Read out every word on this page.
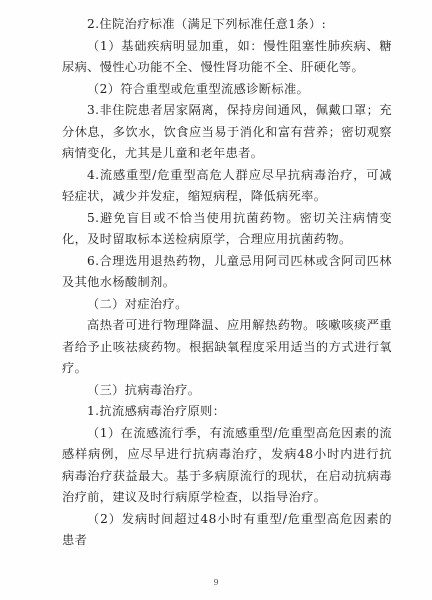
2.住院治疗标准（满足下列标准任意1条）:

（1）基础疾病明显加重，如：慢性阻塞性肺疾病、糖尿病、慢性心功能不全、慢性肾功能不全、肝硬化等。

（2）符合重型或危重型流感诊断标准。

3.非住院患者居家隔离，保持房间通风，佩戴口罩；充分休息，多饮水，饮食应当易于消化和富有营养；密切观察病情变化，尤其是儿童和老年患者。

4.流感重型/危重型高危人群应尽早抗病毒治疗，可减轻症状，减少并发症，缩短病程，降低病死率。

5.避免盲目或不恰当使用抗菌药物。密切关注病情变化，及时留取标本送检病原学，合理应用抗菌药物。

6.合理选用退热药物，儿童忌用阿司匹林或含阿司匹林及其他水杨酸制剂。

（二）对症治疗。

高热者可进行物理降温、应用解热药物。咳嗽咳痰严重者给予止咳祛痰药物。根据缺氧程度采用适当的方式进行氧疗。

（三）抗病毒治疗。

1.抗流感病毒治疗原则：

（1）在流感流行季，有流感重型/危重型高危因素的流感样病例，应尽早进行抗病毒治疗，发病48小时内进行抗病毒治疗获益最大。基于多病原流行的现状，在启动抗病毒治疗前，建议及时行病原学检查，以指导治疗。

（2）发病时间超过48小时有重型/危重型高危因素的患者

9
